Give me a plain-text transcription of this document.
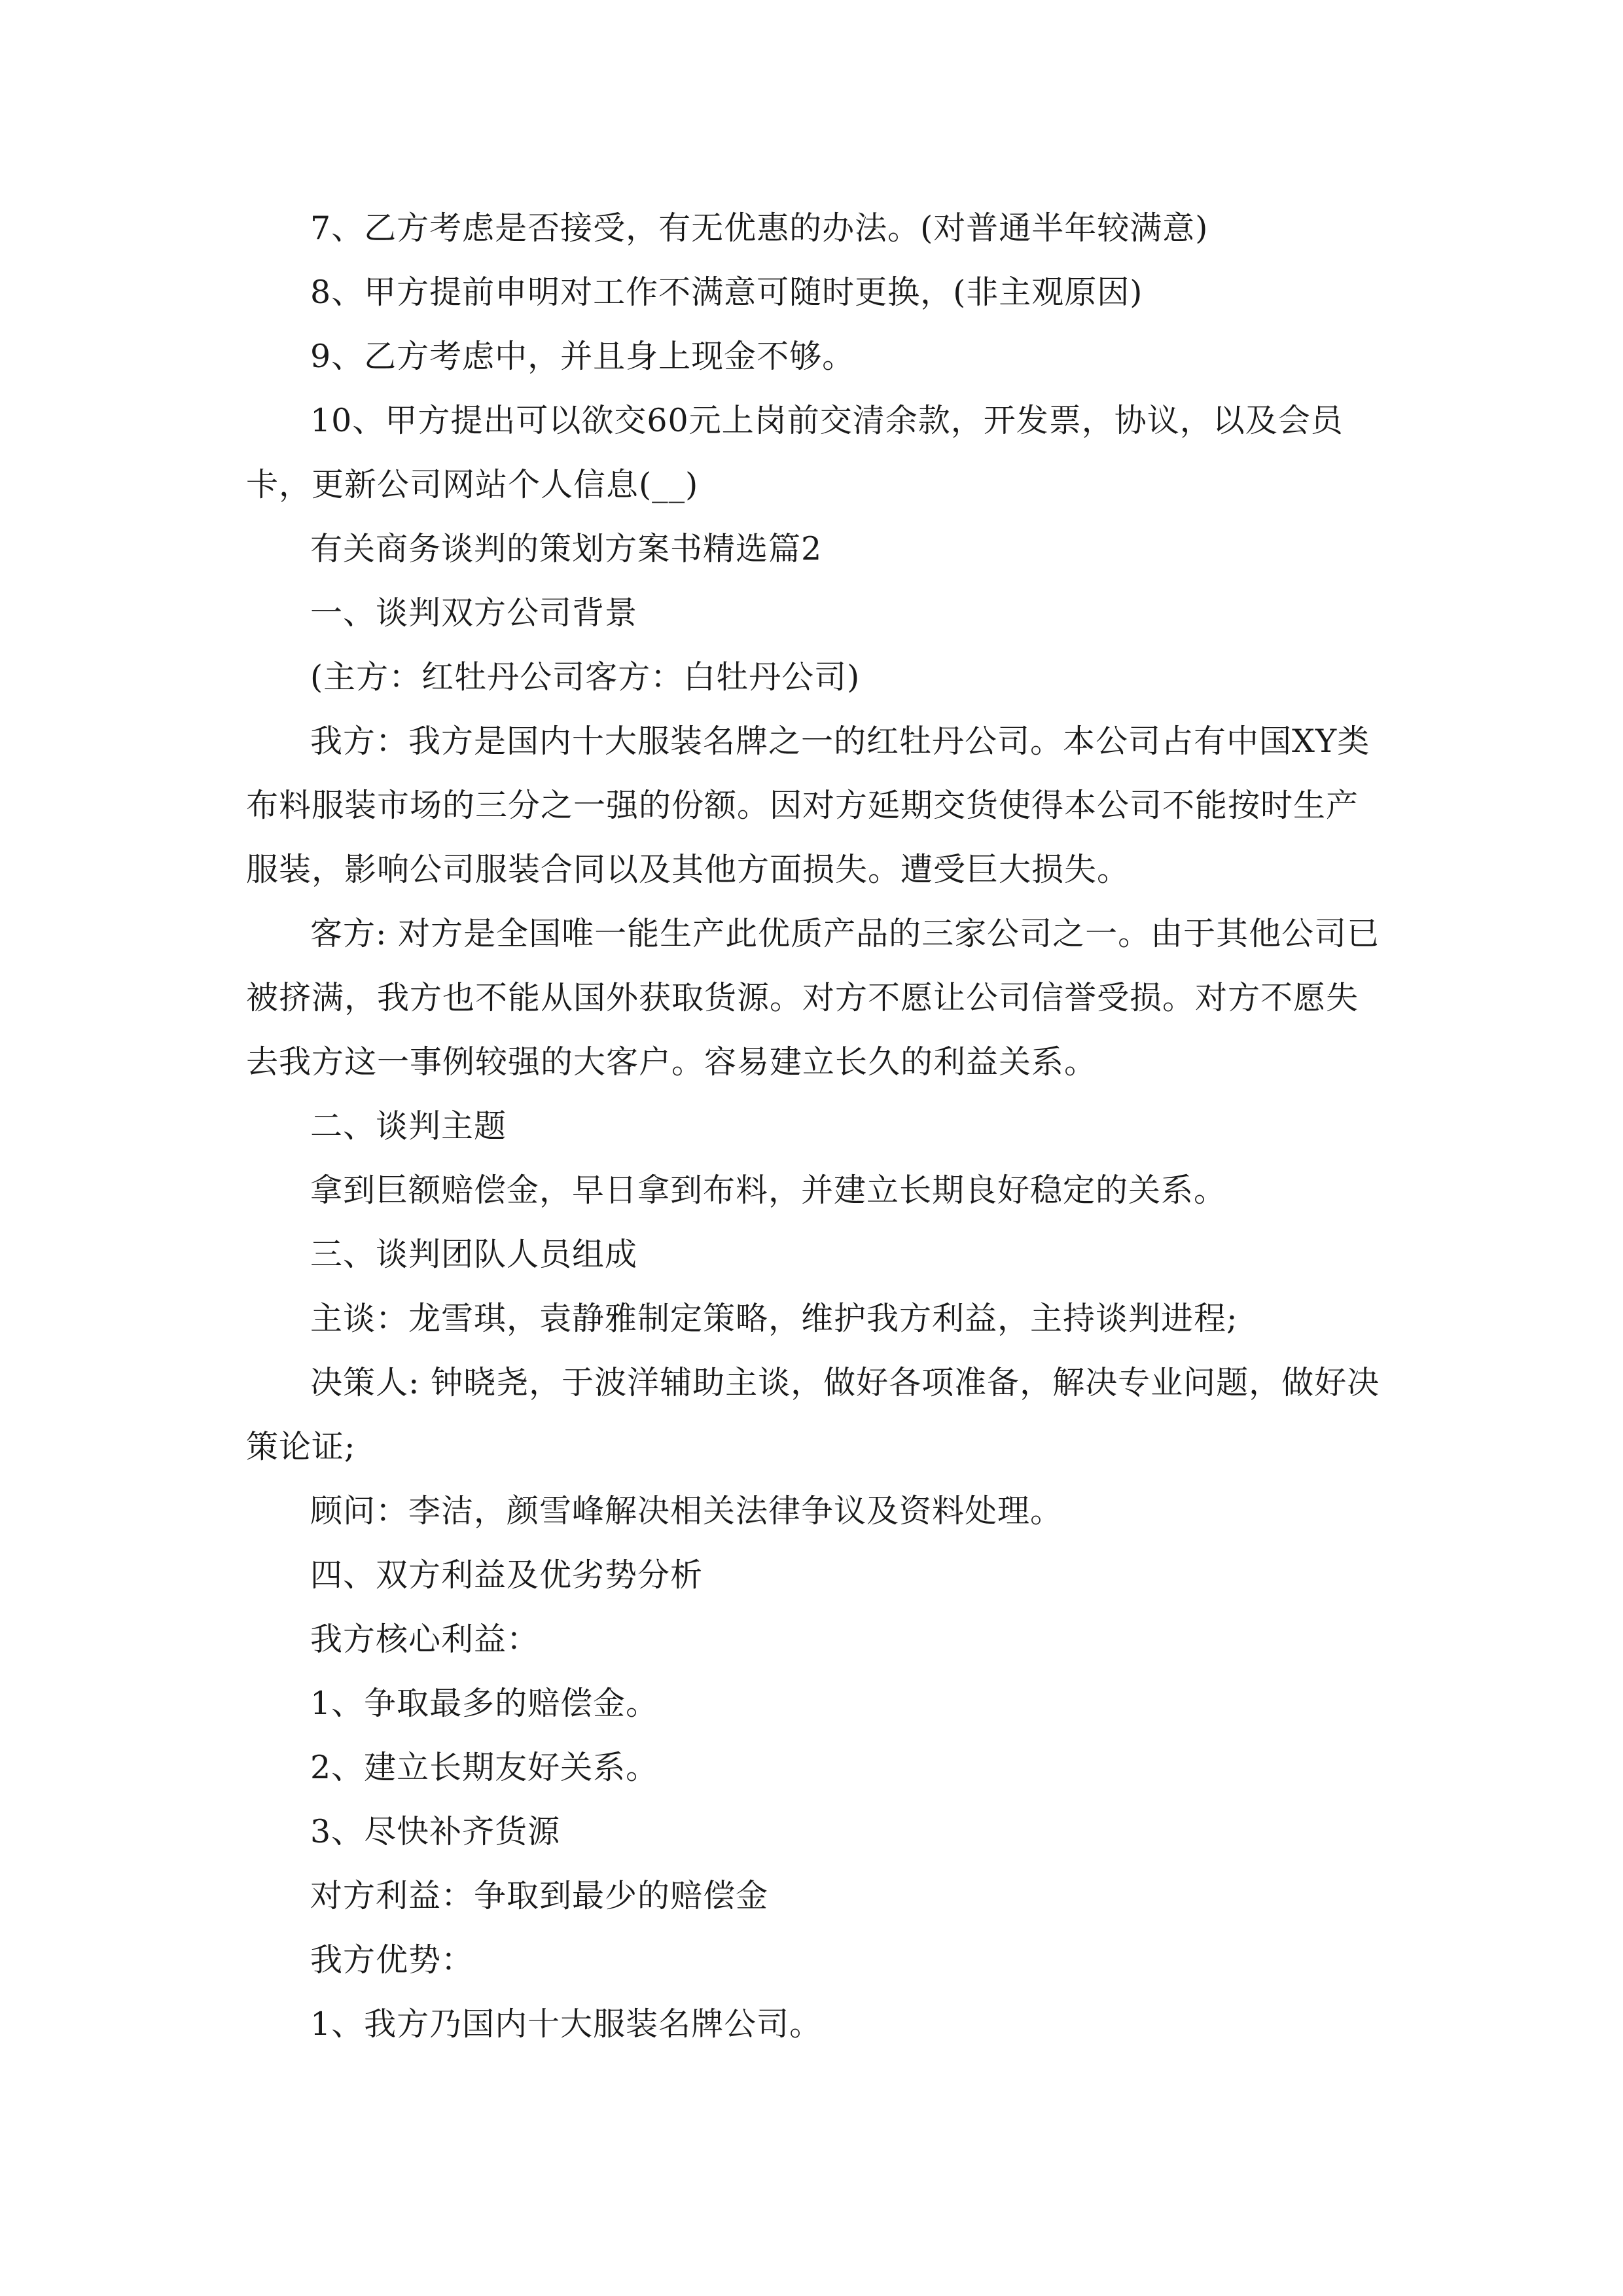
7、乙方考虑是否接受，有无优惠的办法。(对普通半年较满意)

8、甲方提前申明对工作不满意可随时更换，(非主观原因)

9、乙方考虑中，并且身上现金不够。

10、甲方提出可以欲交60元上岗前交清余款，开发票，协议，以及会员卡，更新公司网站个人信息(__)

有关商务谈判的策划方案书精选篇2

一、谈判双方公司背景

(主方：红牡丹公司客方：白牡丹公司)

我方：我方是国内十大服装名牌之一的红牡丹公司。本公司占有中国XY类布料服装市场的三分之一强的份额。因对方延期交货使得本公司不能按时生产服装，影响公司服装合同以及其他方面损失。遭受巨大损失。

客方: 对方是全国唯一能生产此优质产品的三家公司之一。由于其他公司已被挤满，我方也不能从国外获取货源。对方不愿让公司信誉受损。对方不愿失去我方这一事例较强的大客户。容易建立长久的利益关系。

二、谈判主题

拿到巨额赔偿金，早日拿到布料，并建立长期良好稳定的关系。

三、谈判团队人员组成

主谈：龙雪琪，袁静雅制定策略，维护我方利益，主持谈判进程;

决策人: 钟晓尧，于波洋辅助主谈，做好各项准备，解决专业问题，做好决策论证;

顾问：李洁，颜雪峰解决相关法律争议及资料处理。

四、双方利益及优劣势分析

我方核心利益：

1、争取最多的赔偿金。

2、建立长期友好关系。

3、尽快补齐货源

对方利益：争取到最少的赔偿金

我方优势：

1、我方乃国内十大服装名牌公司。
